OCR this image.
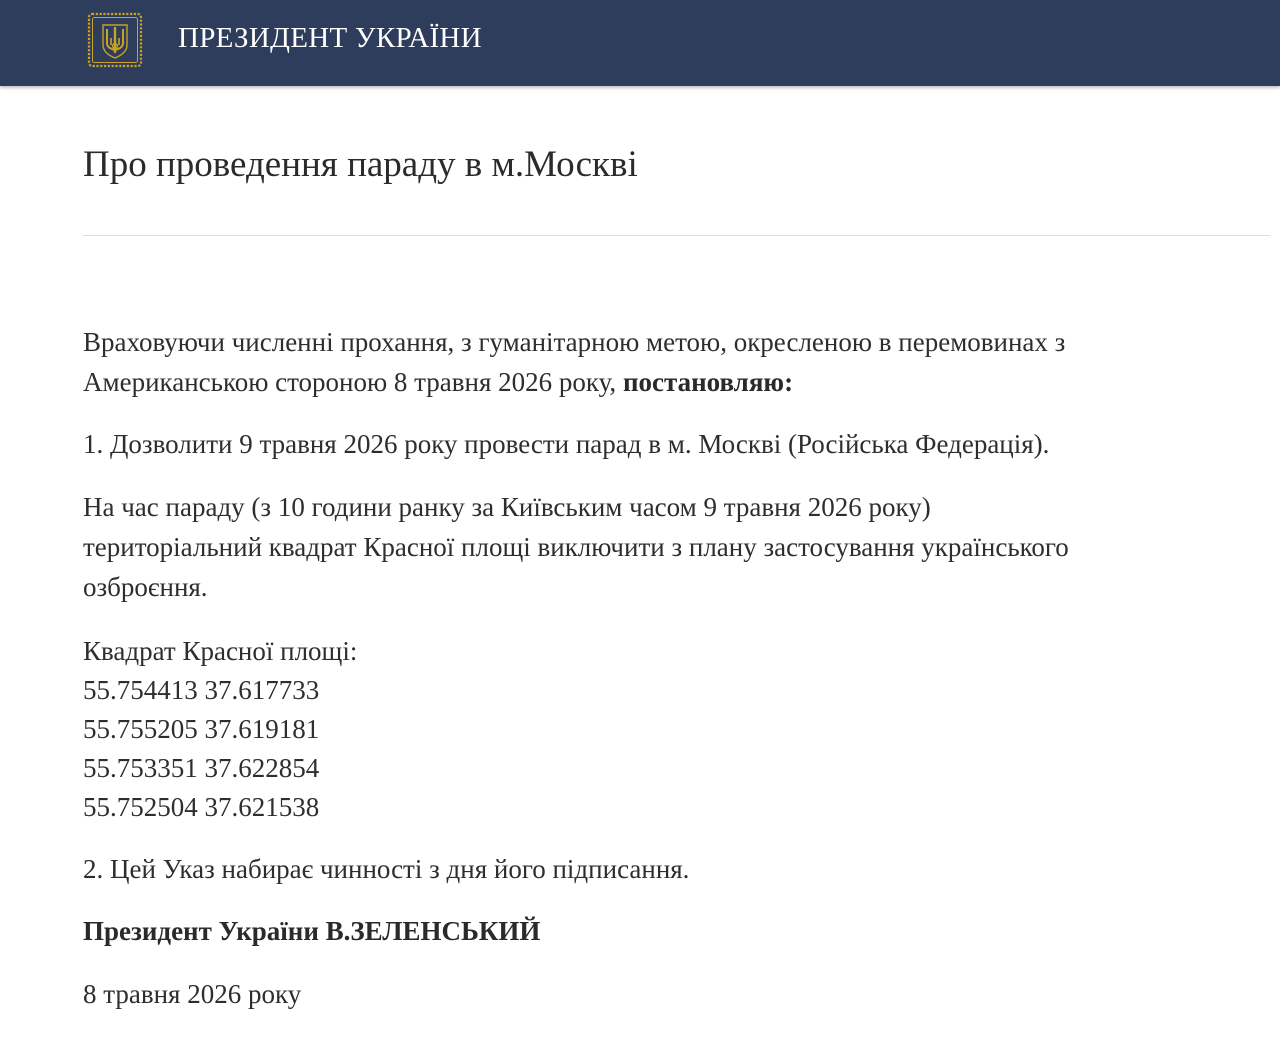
ПРЕЗИДЕНТ УКРАЇНИ
Про проведення параду в м.Москві

Враховуючи численні прохання, з гуманітарною метою, окресленою в перемовинах з
Американською стороною 8 травня 2026 року, постановляю:

1. Дозволити 9 травня 2026 року провести парад в м. Москві (Російська Федерація).

На час параду (з 10 години ранку за Київським часом 9 травня 2026 року)
територіальний квадрат Красної площі виключити з плану застосування українського
озброєння.

Квадрат Красної площі:
55.754413 37.617733
55.755205 37.619181
55.753351 37.622854
55.752504 37.621538

2. Цей Указ набирає чинності з дня його підписання.

Президент України В.ЗЕЛЕНСЬКИЙ

8 травня 2026 року
